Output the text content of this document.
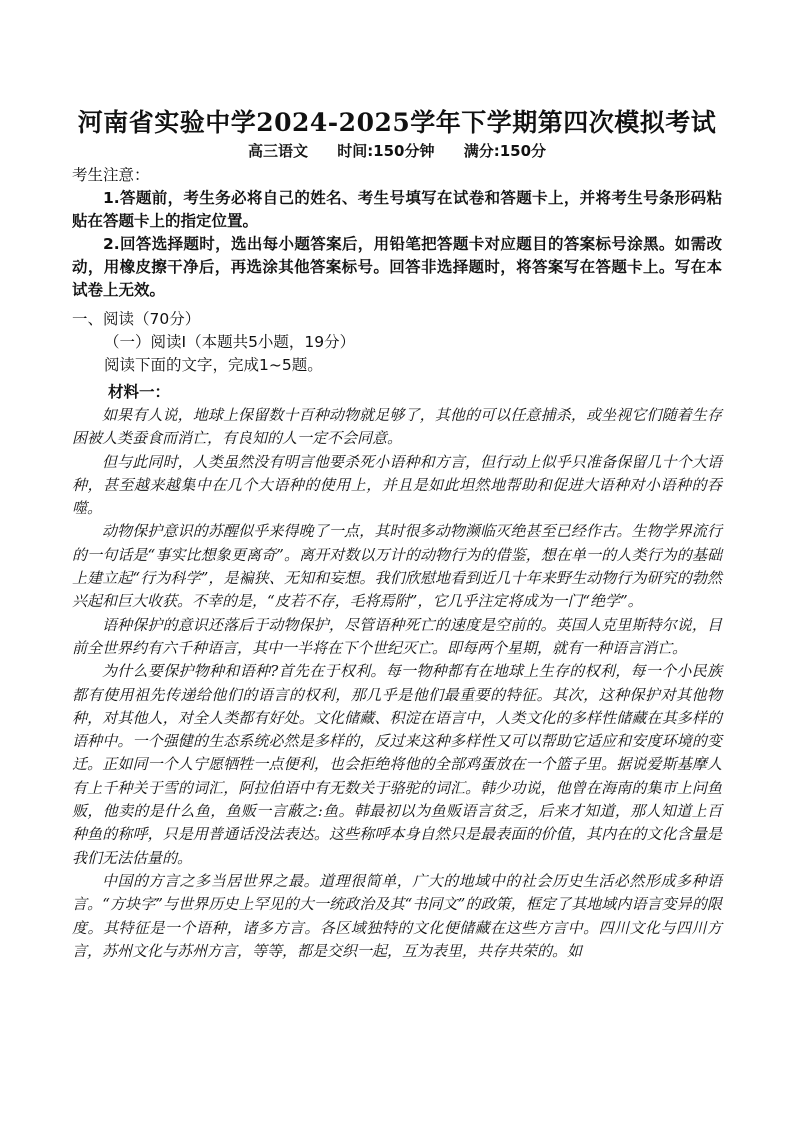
河南省实验中学2024-2025学年下学期第四次模拟考试
高三语文 时间:150分钟 满分:150分
考生注意：

1.答题前，考生务必将自己的姓名、考生号填写在试卷和答题卡上，并将考生号条形码粘贴在答题卡上的指定位置。

2.回答选择题时，选出每小题答案后，用铅笔把答题卡对应题目的答案标号涂黑。如需改动，用橡皮擦干净后，再选涂其他答案标号。回答非选择题时，将答案写在答题卡上。写在本试卷上无效。

一、阅读（70分）
（一）阅读Ⅰ（本题共5小题，19分）
阅读下面的文字，完成1~5题。
材料一：

如果有人说，地球上保留数十百种动物就足够了，其他的可以任意捕杀，或坐视它们随着生存困被人类蚕食而消亡，有良知的人一定不会同意。

但与此同时，人类虽然没有明言他要杀死小语种和方言，但行动上似乎只准备保留几十个大语种，甚至越来越集中在几个大语种的使用上，并且是如此坦然地帮助和促进大语种对小语种的吞噬。

动物保护意识的苏醒似乎来得晚了一点，其时很多动物濒临灭绝甚至已经作古。生物学界流行的一句话是“事实比想象更离奇”。离开对数以万计的动物行为的借鉴，想在单一的人类行为的基础上建立起“行为科学”，是褊狭、无知和妄想。我们欣慰地看到近几十年来野生动物行为研究的勃然兴起和巨大收获。不幸的是，“皮若不存，毛将焉附”，它几乎注定将成为一门“绝学”。

语种保护的意识还落后于动物保护，尽管语种死亡的速度是空前的。英国人克里斯特尔说，目前全世界约有六千种语言，其中一半将在下个世纪灭亡。即每两个星期，就有一种语言消亡。

为什么要保护物种和语种?首先在于权利。每一物种都有在地球上生存的权利，每一个小民族都有使用祖先传递给他们的语言的权利，那几乎是他们最重要的特征。其次，这种保护对其他物种，对其他人，对全人类都有好处。文化储藏、积淀在语言中，人类文化的多样性储藏在其多样的语种中。一个强健的生态系统必然是多样的，反过来这种多样性又可以帮助它适应和安度环境的变迁。正如同一个人宁愿牺牲一点便利，也会拒绝将他的全部鸡蛋放在一个篮子里。据说爱斯基摩人有上千种关于雪的词汇，阿拉伯语中有无数关于骆驼的词汇。韩少功说，他曾在海南的集市上问鱼贩，他卖的是什么鱼，鱼贩一言蔽之:鱼。韩最初以为鱼贩语言贫乏，后来才知道，那人知道上百种鱼的称呼，只是用普通话没法表达。这些称呼本身自然只是最表面的价值，其内在的文化含量是我们无法估量的。

中国的方言之多当居世界之最。道理很简单，广大的地域中的社会历史生活必然形成多种语言。“方块字”与世界历史上罕见的大一统政治及其“书同文”的政策，框定了其地域内语言变异的限度。其特征是一个语种，诸多方言。各区域独特的文化便储藏在这些方言中。四川文化与四川方言，苏州文化与苏州方言，等等，都是交织一起，互为表里，共存共荣的。如
